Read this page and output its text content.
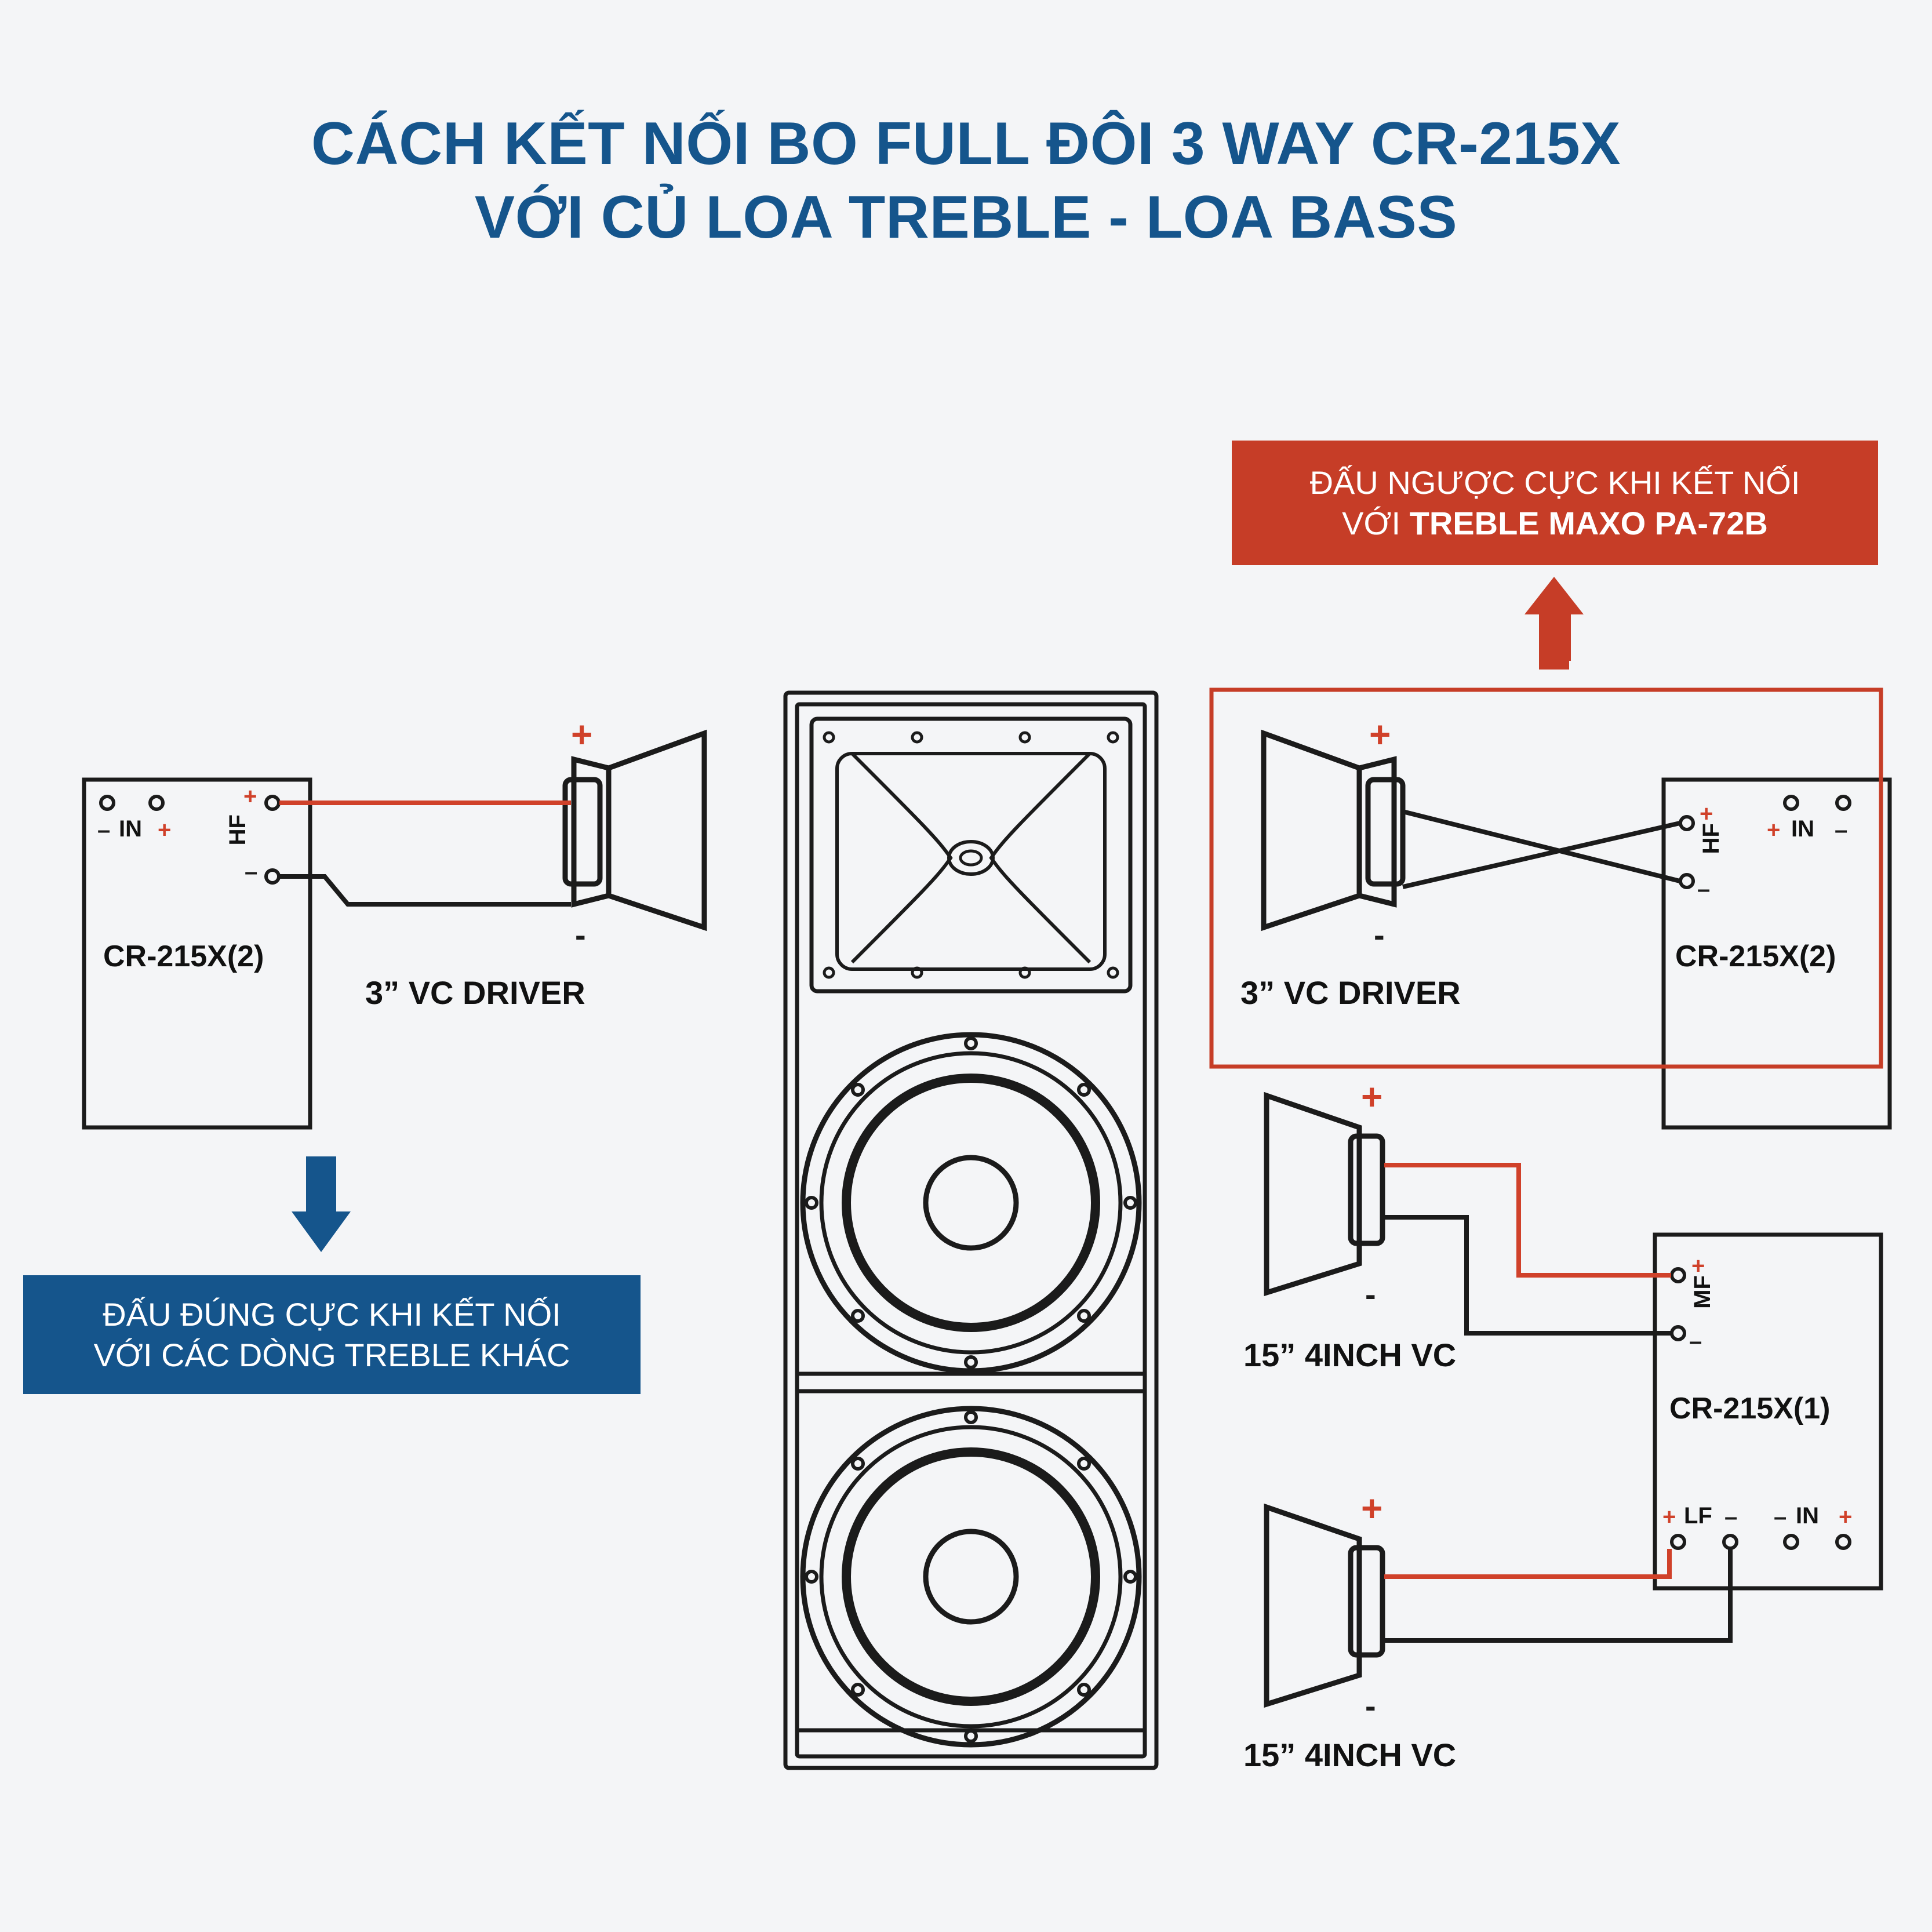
CÁCH KẾT NỐI BO FULL ĐÔI 3 WAY CR-215X
VỚI CỦ LOA TREBLE - LOA BASS
ĐẤU NGƯỢC CỰC KHI KẾT NỐI
VỚI TREBLE MAXO PA-72B
ĐẤU ĐÚNG CỰC KHI KẾT NỐI
VỚI CÁC DÒNG TREBLE KHÁC
– IN + HF
+
–
CR-215X(2)
+
-
3” VC DRIVER
+
-
3” VC DRIVER
HF
+
–
+ IN –
CR-215X(2)
+
-
15” 4INCH VC
+
-
15” 4INCH VC
MF
+
–
+ LF – – IN +
CR-215X(1)
